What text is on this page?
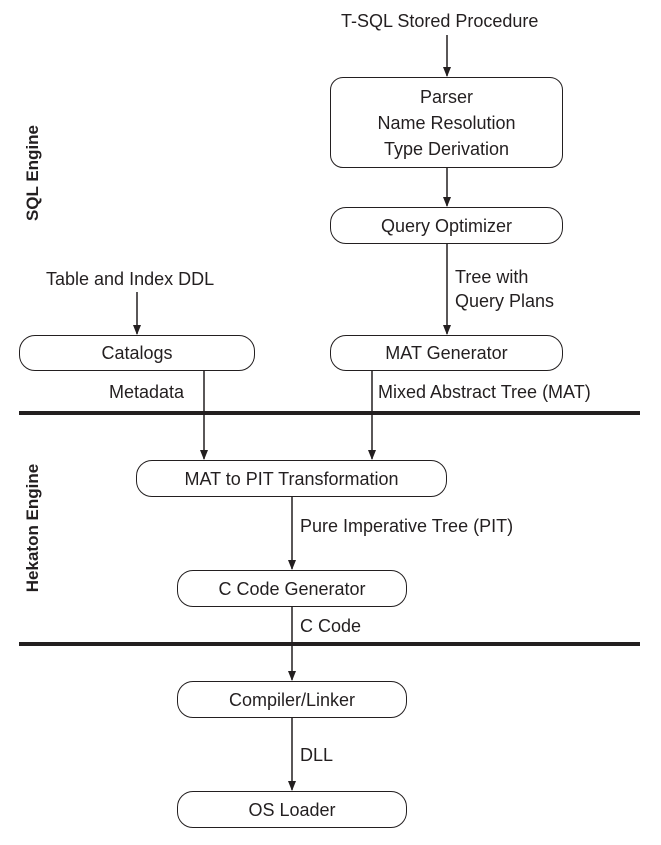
SQL Engine
Hekaton Engine
T-SQL Stored Procedure
Table and Index DDL
Parser
Name Resolution
Type Derivation
Query Optimizer
Catalogs	MAT Generator
MAT to PIT Transformation
C Code Generator
Compiler/Linker
OS Loader
Tree with
Query Plans
Metadata	Mixed Abstract Tree (MAT)
Pure Imperative Tree (PIT)
C Code
DLL
